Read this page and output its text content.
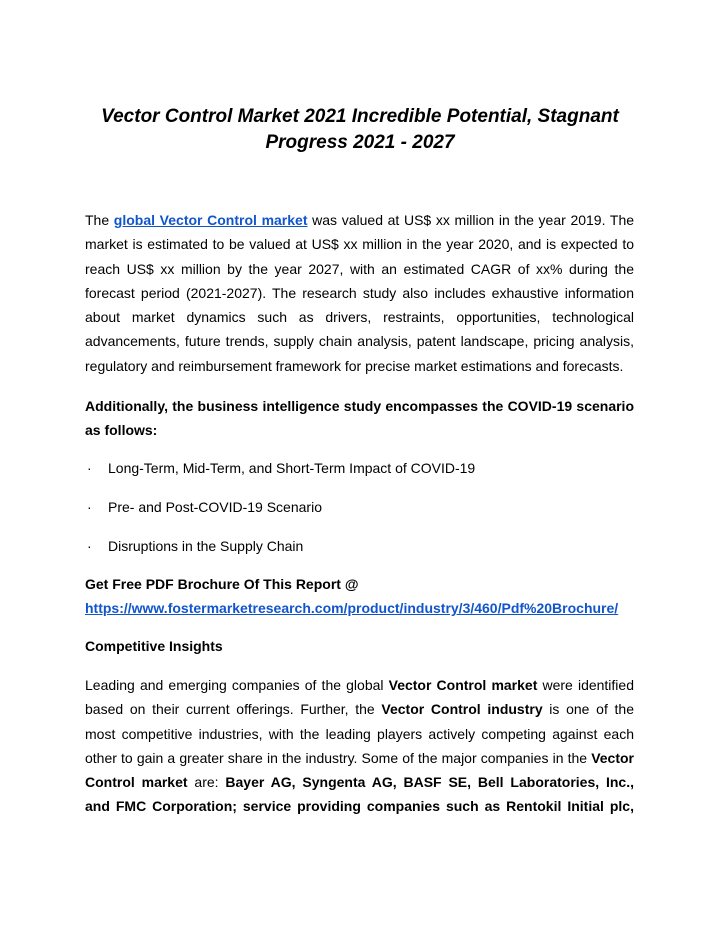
Vector Control Market 2021 Incredible Potential, Stagnant
Progress 2021 - 2027
The global Vector Control market was valued at US$ xx million in the year 2019. The
market is estimated to be valued at US$ xx million in the year 2020, and is expected to
reach US$ xx million by the year 2027, with an estimated CAGR of xx% during the
forecast period (2021-2027). The research study also includes exhaustive information
about market dynamics such as drivers, restraints, opportunities, technological
advancements, future trends, supply chain analysis, patent landscape, pricing analysis,
regulatory and reimbursement framework for precise market estimations and forecasts.
Additionally, the business intelligence study encompasses the COVID-19 scenario
as follows:
· Long-Term, Mid-Term, and Short-Term Impact of COVID-19
· Pre- and Post-COVID-19 Scenario
· Disruptions in the Supply Chain
Get Free PDF Brochure Of This Report @
https://www.fostermarketresearch.com/product/industry/3/460/Pdf%20Brochure/
Competitive Insights
Leading and emerging companies of the global Vector Control market were identified
based on their current offerings. Further, the Vector Control industry is one of the
most competitive industries, with the leading players actively competing against each
other to gain a greater share in the industry. Some of the major companies in the Vector
Control market are: Bayer AG, Syngenta AG, BASF SE, Bell Laboratories, Inc.,
and FMC Corporation; service providing companies such as Rentokil Initial plc,
